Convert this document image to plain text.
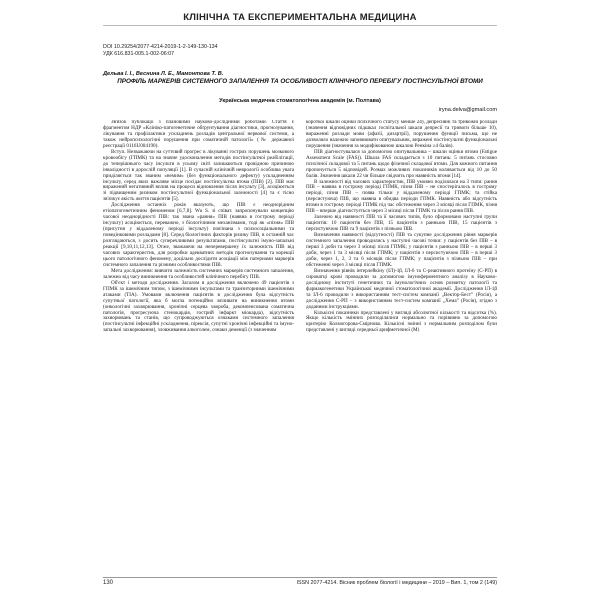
КЛІНІЧНА ТА ЕКСПЕРИМЕНТАЛЬНА МЕДИЦИНА
DOI 10.29254/2077-4214-2019-1-2-149-130-134
УДК 616.831-005.1-002-06:07
Дельва І. І., Веснина Л. Е., Мамонтова Т. В.
ПРОФІЛЬ МАРКЕРІВ СИСТЕМНОГО ЗАПАЛЕННЯ ТА ОСОБЛИВОСТІ КЛІНІЧНОГО ПЕРЕБІГУ ПОСТІНСУЛЬТНОЇ ВТОМИ
Українська медична стоматологічна академія (м. Полтава)
iryna.delva@gmail.com

Зв'язок публікації з плановими науково-дослідними роботами. Стаття є фрагментом НДР «Клініко-патогенетичне обґрунтування діагностики, прогнозування, лікування та профілактики ускладнень розладів центральної нервової системи, а також нейропсихологічні порушення при соматичній патології» (№ державної реєстрації 0116U004190).

Вступ. Незважаючи на суттєвий прогрес в лікуванні гострих порушень мозкового кровообігу (ГПМК) та на значне удосконалення методів постінсультної реабілітації, до теперішнього часу інсульти в усьому світі залишаються провідною причиною інвалідності в дорослій популяції [1]. В сучасній клінічній неврології особлива увага приділяється так званим «немим» (без функціонального дефекту) ускладненням інсульту, серед яких важливе місце посідає постінсультна втома (ПІВ) [2]. ПІВ має виражений негативний вплив на процеси відновлення після інсульту [3], асоціюється зі підвищеним ризиком постінсультної функціональної залежності [4] та є тісно зв'язкує якість життя пацієнтів [5].

Дослідження останніх років вказують, що ПІВ є неоднорідним етіопатогенетичним феноменом [6,7,8]. Wu S. зі співат. запропонували концепцію часової неоднорідності ПІВ: так звана «рання» ПІВ (наявна в гострому періоді інсульту) асоціюється, переважно, з біологічними механізмами, тоді як «пізня» ПІВ (присутня у віддаленому періоді інсульту) пов'язана з психосоціальними та поведінковими розладами [8]. Серед біологічних факторів ризику ПІВ, в останній час розглядаються, з досить суперечливими результатами, постінсультні імуно-запальні реакції [9,10,11,12,13]. Отже, зважаючи на неперевершену їх залежність ПІВ від часових характеристик, для розробки адекватних методів прогнозування та корекції цього патологічного феномену, доцільно дослідити асоціації між патернами маркерів системного запалення та різними особливостями ПІВ.

Мета дослідження: вивчити залежність системних маркерів системного запалення, залежно від часу виникнення та особливостей клінічного перебігу ПІВ.

Об'єкт і методи дослідження. Загалом в дослідження включено 49 пацієнтів з ГПМК за ішемічним типом, з ішемічними інсультами та транзиторними ішемічними атаками (ТІА). Умовами включення пацієнтів в дослідження була відсутність супутньої патології, яка б могла потенційно впливати на виникнення втоми (онкологічні захворювання, хронічні серцева хвороба, декомпенсована соматична патологія, прогресуюча стенокардія, гострий інфаркт міокарда), відсутність захворювань та станів, що супроводжуються ознаками системного запалення (постінсультні інфекційні ускладнення, пірексія, супутні хронічні інфекційні та імуно-запальні захворювання), зловживання алкоголем, ознаки деменції (з значенням

короткої шкали оцінки психічного статусу менше 24), депресивні та тривожні розлади (значення відповідних підшкал госпітальної шкали депресії та тривоги більше 10), вираженні розлади мови (афазії, дизартрії), порушення функції письма, що не дозволяло належно заповнювати опитувальник, виражені постінсультні функціональні порушення (значення за модифікованою шкалою Ренкіна ≥4 балів).

ПІВ діагностувалася за допомогою опитувальника – шкали оцінки втоми (Fatigue Assessment Scale (FAS)). Шкала FAS складається з 10 питань: 5 питань стосовно психічної складової та 5 питань щодо фізичної складової втоми. Для кожного питання пропонується 5 відповідей. Розмах можливих показників коливається від 10 до 50 балів. Значення шкали 22 чи більше свідчить про наявність втоми [14].

В залежності від часових характеристик, ПІВ умовно поділялася на 3 типи: рання ПІВ – наявна в гострому періоді ГПМК, пізня ПІВ – не спостерігалось в гострому періоді, пізня ПІВ – поява тільки у віддаленому періоді ГПМК; та стійка (персистуюча) ПІВ, що наявна в обидва періоди ГПМК. Наявність або відсутність втоми в гострому періоді ГПМК під час обстеження через 3 місяці після ГПМК, пізня ПІВ – вперше діагностується через 3 місяці після ГПМК та після рання ПІВ.

Залежно від наявності ПІВ та її часових типів, було сформовано наступні групи пацієнтів: 10 пацієнтів без ПІВ, 15 пацієнтів з ранньою ПІВ, 15 пацієнтів з персистуючою ПІВ та 9 пацієнтів з пізньою ПІВ.

Визначення наявності (відсутності) ПІВ та сукупне дослідження рівня маркерів системного запалення проводились у наступні часові точки: у пацієнтів без ПІВ – в перші 3 доби та через 3 місяці після ГПМК; у пацієнтів з ранньою ПІВ – в перші 3 доби, через 1 та 3 місяці після ГПМК; у пацієнтів з персистуючою ПІВ – в перші 3 доби, через 1, 2, 3 та 6 місяців після ГПМК; у пацієнтів з пізньою ПІВ – при обстеженні через 3 місяці після ГПМК.

Визначення рівнів інтерлейкіну (ІЛ)-1β, ІЛ-6 та С-реактивного протеїну (С-РП) в сироватці крові проводили за допомогою імуноферментного аналізу в Науково-дослідному інституті генетичних та імунологічних основ розвитку патології та фармакогенетики Української медичної стоматологічної академії. Дослідження ІЛ-1β та ІЛ-6 проводили з використанням тест-систем компанії „Вектор-Бест” (Росія), а дослідження С-РП – з використанням тест-систем компанії „Хема” (Росія), згідно з доданими інструкціями.

Кількісні показники представлені у вигляді абсолютної кількості та відсотка (%). Якщо кількість змінних розподілялися нормально та порівняно за допомогою критерію Колмогорова-Смірнова. Кількісні змінні з нормальним розподілом були представлені у вигляді середньої арифметичної (М)

130	ISSN 2077-4214. Вісник проблем біології і медицини – 2019 – Вип. 1, том 2 (149)
